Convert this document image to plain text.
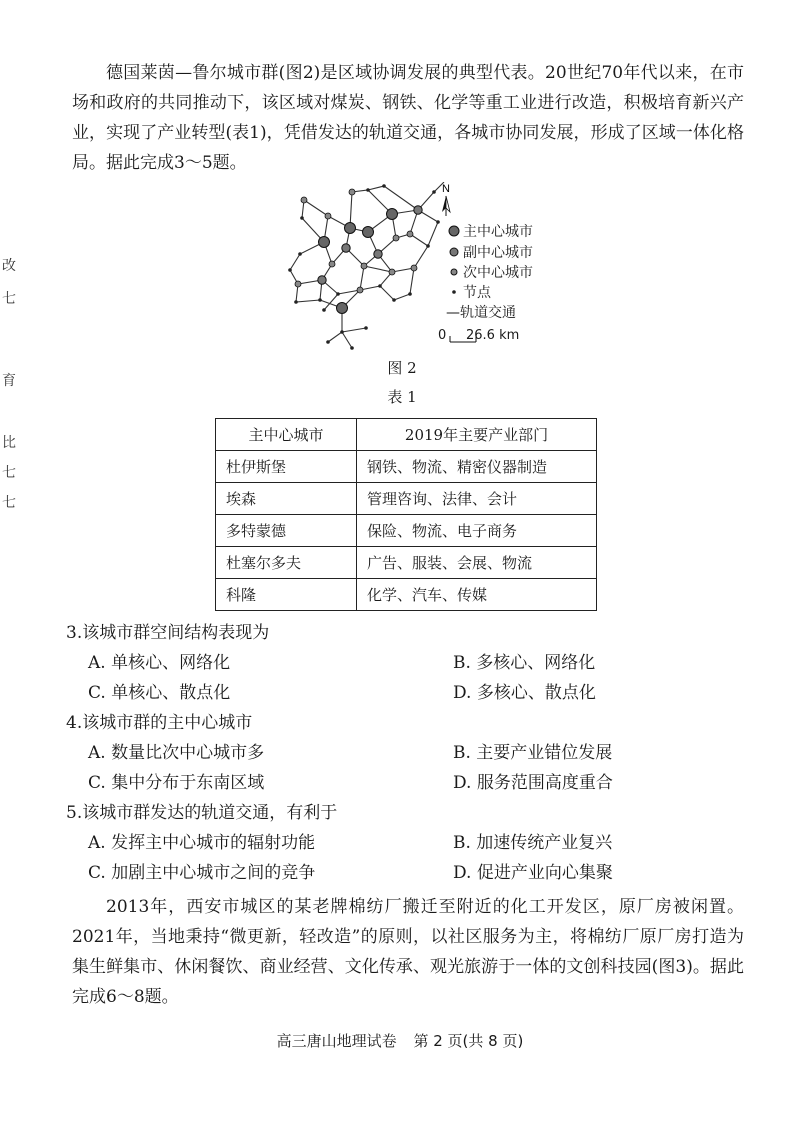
德国莱茵—鲁尔城市群(图2)是区域协调发展的典型代表。20世纪70年代以来，在市场和政府的共同推动下，该区域对煤炭、钢铁、化学等重工业进行改造，积极培育新兴产业，实现了产业转型(表1)，凭借发达的轨道交通，各城市协同发展，形成了区域一体化格局。据此完成3～5题。

改
七
育
比
七
七
N
主中心城市
副中心城市
次中心城市
节点
—轨道交通
0 26.6 km
图 2
表 1
主中心城市	2019年主要产业部门
杜伊斯堡	钢铁、物流、精密仪器制造
埃森	管理咨询、法律、会计
多特蒙德	保险、物流、电子商务
杜塞尔多夫	广告、服装、会展、物流
科隆	化学、汽车、传媒
3.该城市群空间结构表现为
A. 单核心、网络化	B. 多核心、网络化
C. 单核心、散点化	D. 多核心、散点化
4.该城市群的主中心城市
A. 数量比次中心城市多	B. 主要产业错位发展
C. 集中分布于东南区域	D. 服务范围高度重合
5.该城市群发达的轨道交通，有利于
A. 发挥主中心城市的辐射功能	B. 加速传统产业复兴
C. 加剧主中心城市之间的竞争	D. 促进产业向心集聚

2013年，西安市城区的某老牌棉纺厂搬迁至附近的化工开发区，原厂房被闲置。2021年，当地秉持“微更新，轻改造”的原则，以社区服务为主，将棉纺厂原厂房打造为集生鲜集市、休闲餐饮、商业经营、文化传承、观光旅游于一体的文创科技园(图3)。据此完成6～8题。

高三唐山地理试卷 第 2 页(共 8 页)
